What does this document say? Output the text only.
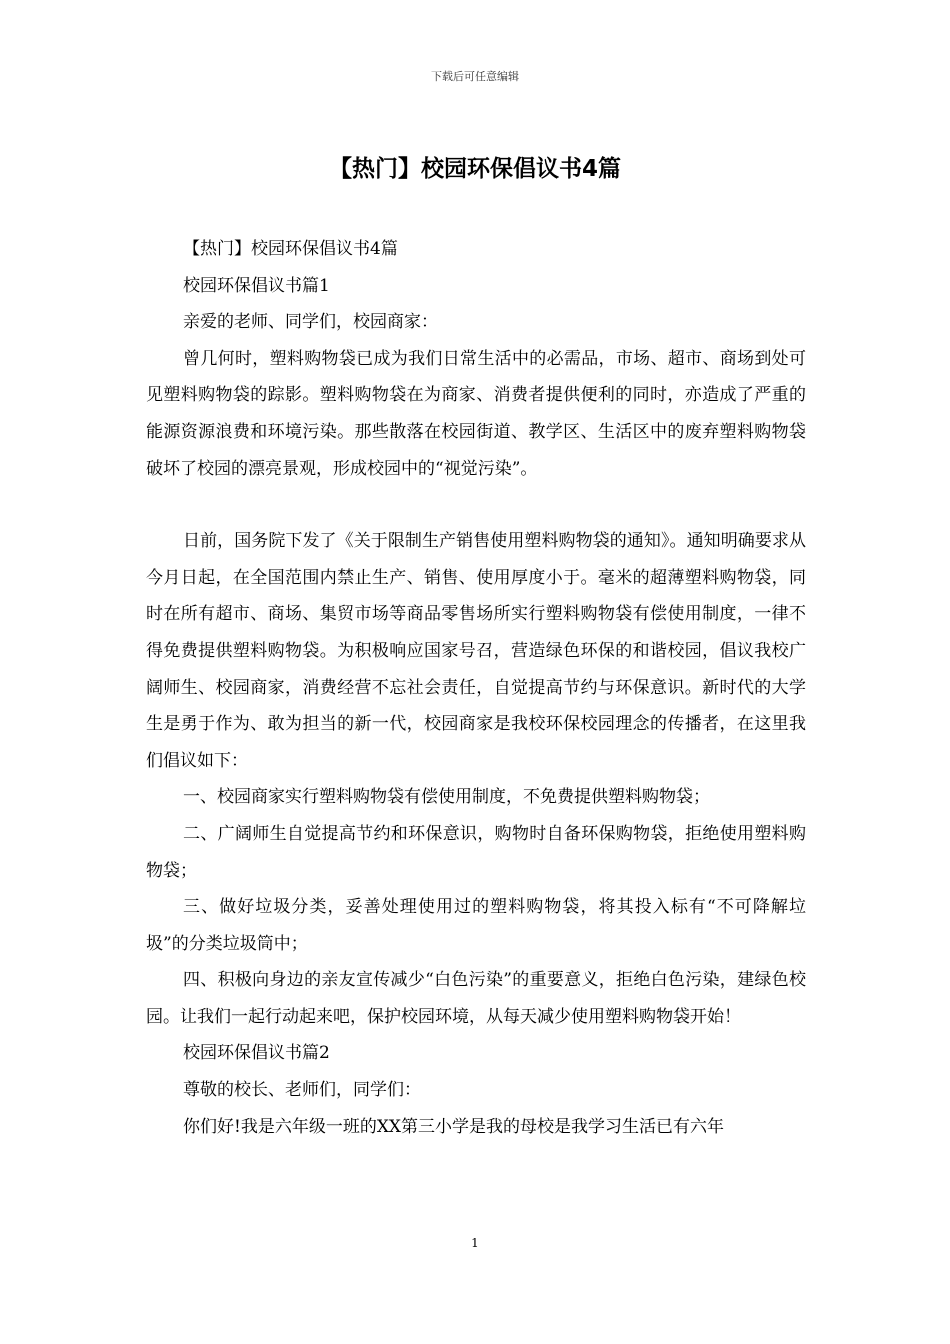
下载后可任意编辑
【热门】校园环保倡议书4篇

【热门】校园环保倡议书4篇

校园环保倡议书篇1

亲爱的老师、同学们，校园商家：

曾几何时，塑料购物袋已成为我们日常生活中的必需品，市场、超市、商场到处可见塑料购物袋的踪影。塑料购物袋在为商家、消费者提供便利的同时，亦造成了严重的能源资源浪费和环境污染。那些散落在校园街道、教学区、生活区中的废弃塑料购物袋破坏了校园的漂亮景观，形成校园中的“视觉污染”。

日前，国务院下发了《关于限制生产销售使用塑料购物袋的通知》。通知明确要求从今月日起，在全国范围内禁止生产、销售、使用厚度小于。毫米的超薄塑料购物袋，同时在所有超市、商场、集贸市场等商品零售场所实行塑料购物袋有偿使用制度，一律不得免费提供塑料购物袋。为积极响应国家号召，营造绿色环保的和谐校园，倡议我校广阔师生、校园商家，消费经营不忘社会责任，自觉提高节约与环保意识。新时代的大学生是勇于作为、敢为担当的新一代，校园商家是我校环保校园理念的传播者，在这里我们倡议如下：

一、校园商家实行塑料购物袋有偿使用制度，不免费提供塑料购物袋；

二、广阔师生自觉提高节约和环保意识，购物时自备环保购物袋，拒绝使用塑料购物袋；

三、做好垃圾分类，妥善处理使用过的塑料购物袋，将其投入标有“不可降解垃圾”的分类垃圾筒中；

四、积极向身边的亲友宣传减少“白色污染”的重要意义，拒绝白色污染，建绿色校园。让我们一起行动起来吧，保护校园环境，从每天减少使用塑料购物袋开始！

校园环保倡议书篇2

尊敬的校长、老师们，同学们：

你们好!我是六年级一班的XX第三小学是我的母校是我学习生活已有六年

1
